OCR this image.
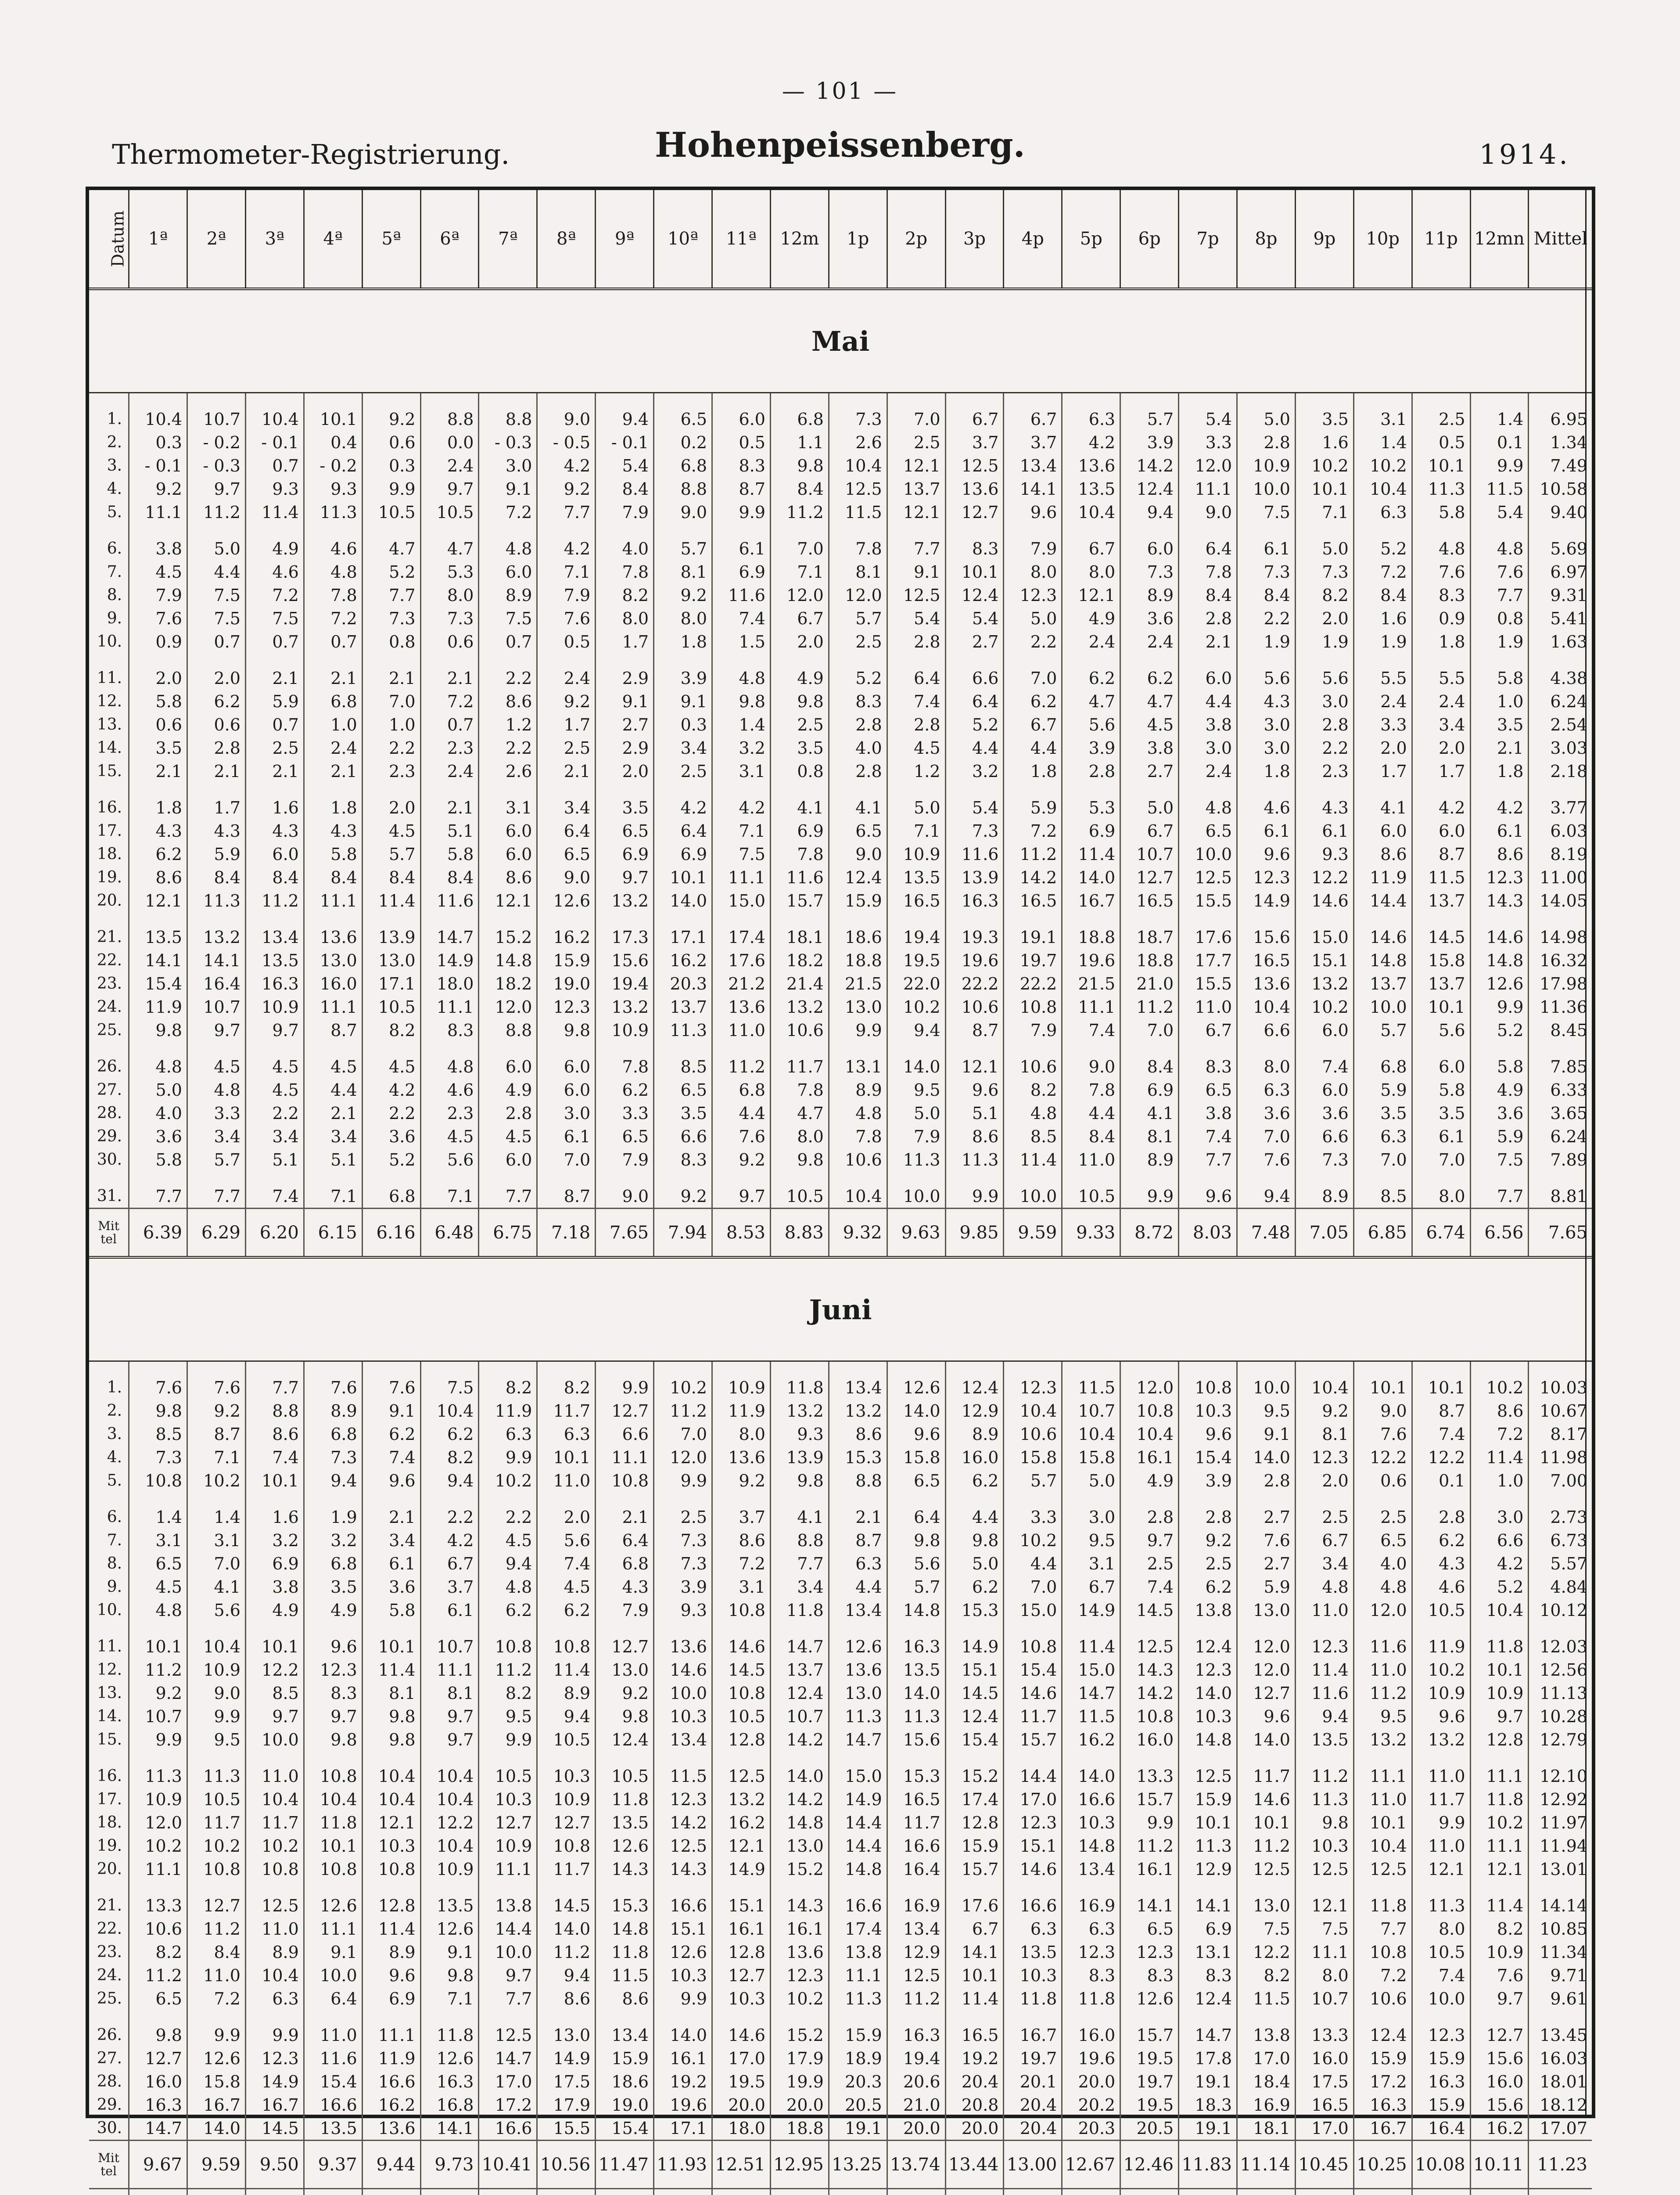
— 101 —
Thermometer-Registrierung.	Hohenpeissenberg.	1914.
Datum	1ª	2ª	3ª	4ª	5ª	6ª	7ª	8ª	9ª	10ª	11ª	12m	1p	2p	3p	4p	5p	6p	7p	8p	9p	10p	11p	12mn	Mittel
Mai																									

1.	10.4	10.7	10.4	10.1	9.2	8.8	8.8	9.0	9.4	6.5	6.0	6.8	7.3	7.0	6.7	6.7	6.3	5.7	5.4	5.0	3.5	3.1	2.5	1.4	6.95
2.	0.3	- 0.2	- 0.1	0.4	0.6	0.0	- 0.3	- 0.5	- 0.1	0.2	0.5	1.1	2.6	2.5	3.7	3.7	4.2	3.9	3.3	2.8	1.6	1.4	0.5	0.1	1.34
3.	- 0.1	- 0.3	0.7	- 0.2	0.3	2.4	3.0	4.2	5.4	6.8	8.3	9.8	10.4	12.1	12.5	13.4	13.6	14.2	12.0	10.9	10.2	10.2	10.1	9.9	7.49
4.	9.2	9.7	9.3	9.3	9.9	9.7	9.1	9.2	8.4	8.8	8.7	8.4	12.5	13.7	13.6	14.1	13.5	12.4	11.1	10.0	10.1	10.4	11.3	11.5	10.58
5.	11.1	11.2	11.4	11.3	10.5	10.5	7.2	7.7	7.9	9.0	9.9	11.2	11.5	12.1	12.7	9.6	10.4	9.4	9.0	7.5	7.1	6.3	5.8	5.4	9.40

6.	3.8	5.0	4.9	4.6	4.7	4.7	4.8	4.2	4.0	5.7	6.1	7.0	7.8	7.7	8.3	7.9	6.7	6.0	6.4	6.1	5.0	5.2	4.8	4.8	5.69
7.	4.5	4.4	4.6	4.8	5.2	5.3	6.0	7.1	7.8	8.1	6.9	7.1	8.1	9.1	10.1	8.0	8.0	7.3	7.8	7.3	7.3	7.2	7.6	7.6	6.97
8.	7.9	7.5	7.2	7.8	7.7	8.0	8.9	7.9	8.2	9.2	11.6	12.0	12.0	12.5	12.4	12.3	12.1	8.9	8.4	8.4	8.2	8.4	8.3	7.7	9.31
9.	7.6	7.5	7.5	7.2	7.3	7.3	7.5	7.6	8.0	8.0	7.4	6.7	5.7	5.4	5.4	5.0	4.9	3.6	2.8	2.2	2.0	1.6	0.9	0.8	5.41
10.	0.9	0.7	0.7	0.7	0.8	0.6	0.7	0.5	1.7	1.8	1.5	2.0	2.5	2.8	2.7	2.2	2.4	2.4	2.1	1.9	1.9	1.9	1.8	1.9	1.63

11.	2.0	2.0	2.1	2.1	2.1	2.1	2.2	2.4	2.9	3.9	4.8	4.9	5.2	6.4	6.6	7.0	6.2	6.2	6.0	5.6	5.6	5.5	5.5	5.8	4.38
12.	5.8	6.2	5.9	6.8	7.0	7.2	8.6	9.2	9.1	9.1	9.8	9.8	8.3	7.4	6.4	6.2	4.7	4.7	4.4	4.3	3.0	2.4	2.4	1.0	6.24
13.	0.6	0.6	0.7	1.0	1.0	0.7	1.2	1.7	2.7	0.3	1.4	2.5	2.8	2.8	5.2	6.7	5.6	4.5	3.8	3.0	2.8	3.3	3.4	3.5	2.54
14.	3.5	2.8	2.5	2.4	2.2	2.3	2.2	2.5	2.9	3.4	3.2	3.5	4.0	4.5	4.4	4.4	3.9	3.8	3.0	3.0	2.2	2.0	2.0	2.1	3.03
15.	2.1	2.1	2.1	2.1	2.3	2.4	2.6	2.1	2.0	2.5	3.1	0.8	2.8	1.2	3.2	1.8	2.8	2.7	2.4	1.8	2.3	1.7	1.7	1.8	2.18

16.	1.8	1.7	1.6	1.8	2.0	2.1	3.1	3.4	3.5	4.2	4.2	4.1	4.1	5.0	5.4	5.9	5.3	5.0	4.8	4.6	4.3	4.1	4.2	4.2	3.77
17.	4.3	4.3	4.3	4.3	4.5	5.1	6.0	6.4	6.5	6.4	7.1	6.9	6.5	7.1	7.3	7.2	6.9	6.7	6.5	6.1	6.1	6.0	6.0	6.1	6.03
18.	6.2	5.9	6.0	5.8	5.7	5.8	6.0	6.5	6.9	6.9	7.5	7.8	9.0	10.9	11.6	11.2	11.4	10.7	10.0	9.6	9.3	8.6	8.7	8.6	8.19
19.	8.6	8.4	8.4	8.4	8.4	8.4	8.6	9.0	9.7	10.1	11.1	11.6	12.4	13.5	13.9	14.2	14.0	12.7	12.5	12.3	12.2	11.9	11.5	12.3	11.00
20.	12.1	11.3	11.2	11.1	11.4	11.6	12.1	12.6	13.2	14.0	15.0	15.7	15.9	16.5	16.3	16.5	16.7	16.5	15.5	14.9	14.6	14.4	13.7	14.3	14.05

21.	13.5	13.2	13.4	13.6	13.9	14.7	15.2	16.2	17.3	17.1	17.4	18.1	18.6	19.4	19.3	19.1	18.8	18.7	17.6	15.6	15.0	14.6	14.5	14.6	14.98
22.	14.1	14.1	13.5	13.0	13.0	14.9	14.8	15.9	15.6	16.2	17.6	18.2	18.8	19.5	19.6	19.7	19.6	18.8	17.7	16.5	15.1	14.8	15.8	14.8	16.32
23.	15.4	16.4	16.3	16.0	17.1	18.0	18.2	19.0	19.4	20.3	21.2	21.4	21.5	22.0	22.2	22.2	21.5	21.0	15.5	13.6	13.2	13.7	13.7	12.6	17.98
24.	11.9	10.7	10.9	11.1	10.5	11.1	12.0	12.3	13.2	13.7	13.6	13.2	13.0	10.2	10.6	10.8	11.1	11.2	11.0	10.4	10.2	10.0	10.1	9.9	11.36
25.	9.8	9.7	9.7	8.7	8.2	8.3	8.8	9.8	10.9	11.3	11.0	10.6	9.9	9.4	8.7	7.9	7.4	7.0	6.7	6.6	6.0	5.7	5.6	5.2	8.45

26.	4.8	4.5	4.5	4.5	4.5	4.8	6.0	6.0	7.8	8.5	11.2	11.7	13.1	14.0	12.1	10.6	9.0	8.4	8.3	8.0	7.4	6.8	6.0	5.8	7.85
27.	5.0	4.8	4.5	4.4	4.2	4.6	4.9	6.0	6.2	6.5	6.8	7.8	8.9	9.5	9.6	8.2	7.8	6.9	6.5	6.3	6.0	5.9	5.8	4.9	6.33
28.	4.0	3.3	2.2	2.1	2.2	2.3	2.8	3.0	3.3	3.5	4.4	4.7	4.8	5.0	5.1	4.8	4.4	4.1	3.8	3.6	3.6	3.5	3.5	3.6	3.65
29.	3.6	3.4	3.4	3.4	3.6	4.5	4.5	6.1	6.5	6.6	7.6	8.0	7.8	7.9	8.6	8.5	8.4	8.1	7.4	7.0	6.6	6.3	6.1	5.9	6.24
30.	5.8	5.7	5.1	5.1	5.2	5.6	6.0	7.0	7.9	8.3	9.2	9.8	10.6	11.3	11.3	11.4	11.0	8.9	7.7	7.6	7.3	7.0	7.0	7.5	7.89

31.	7.7	7.7	7.4	7.1	6.8	7.1	7.7	8.7	9.0	9.2	9.7	10.5	10.4	10.0	9.9	10.0	10.5	9.9	9.6	9.4	8.9	8.5	8.0	7.7	8.81
Mittel	6.39	6.29	6.20	6.15	6.16	6.48	6.75	7.18	7.65	7.94	8.53	8.83	9.32	9.63	9.85	9.59	9.33	8.72	8.03	7.48	7.05	6.85	6.74	6.56	7.65
Juni																									

1.	7.6	7.6	7.7	7.6	7.6	7.5	8.2	8.2	9.9	10.2	10.9	11.8	13.4	12.6	12.4	12.3	11.5	12.0	10.8	10.0	10.4	10.1	10.1	10.2	10.03
2.	9.8	9.2	8.8	8.9	9.1	10.4	11.9	11.7	12.7	11.2	11.9	13.2	13.2	14.0	12.9	10.4	10.7	10.8	10.3	9.5	9.2	9.0	8.7	8.6	10.67
3.	8.5	8.7	8.6	6.8	6.2	6.2	6.3	6.3	6.6	7.0	8.0	9.3	8.6	9.6	8.9	10.6	10.4	10.4	9.6	9.1	8.1	7.6	7.4	7.2	8.17
4.	7.3	7.1	7.4	7.3	7.4	8.2	9.9	10.1	11.1	12.0	13.6	13.9	15.3	15.8	16.0	15.8	15.8	16.1	15.4	14.0	12.3	12.2	12.2	11.4	11.98
5.	10.8	10.2	10.1	9.4	9.6	9.4	10.2	11.0	10.8	9.9	9.2	9.8	8.8	6.5	6.2	5.7	5.0	4.9	3.9	2.8	2.0	0.6	0.1	1.0	7.00

6.	1.4	1.4	1.6	1.9	2.1	2.2	2.2	2.0	2.1	2.5	3.7	4.1	2.1	6.4	4.4	3.3	3.0	2.8	2.8	2.7	2.5	2.5	2.8	3.0	2.73
7.	3.1	3.1	3.2	3.2	3.4	4.2	4.5	5.6	6.4	7.3	8.6	8.8	8.7	9.8	9.8	10.2	9.5	9.7	9.2	7.6	6.7	6.5	6.2	6.6	6.73
8.	6.5	7.0	6.9	6.8	6.1	6.7	9.4	7.4	6.8	7.3	7.2	7.7	6.3	5.6	5.0	4.4	3.1	2.5	2.5	2.7	3.4	4.0	4.3	4.2	5.57
9.	4.5	4.1	3.8	3.5	3.6	3.7	4.8	4.5	4.3	3.9	3.1	3.4	4.4	5.7	6.2	7.0	6.7	7.4	6.2	5.9	4.8	4.8	4.6	5.2	4.84
10.	4.8	5.6	4.9	4.9	5.8	6.1	6.2	6.2	7.9	9.3	10.8	11.8	13.4	14.8	15.3	15.0	14.9	14.5	13.8	13.0	11.0	12.0	10.5	10.4	10.12

11.	10.1	10.4	10.1	9.6	10.1	10.7	10.8	10.8	12.7	13.6	14.6	14.7	12.6	16.3	14.9	10.8	11.4	12.5	12.4	12.0	12.3	11.6	11.9	11.8	12.03
12.	11.2	10.9	12.2	12.3	11.4	11.1	11.2	11.4	13.0	14.6	14.5	13.7	13.6	13.5	15.1	15.4	15.0	14.3	12.3	12.0	11.4	11.0	10.2	10.1	12.56
13.	9.2	9.0	8.5	8.3	8.1	8.1	8.2	8.9	9.2	10.0	10.8	12.4	13.0	14.0	14.5	14.6	14.7	14.2	14.0	12.7	11.6	11.2	10.9	10.9	11.13
14.	10.7	9.9	9.7	9.7	9.8	9.7	9.5	9.4	9.8	10.3	10.5	10.7	11.3	11.3	12.4	11.7	11.5	10.8	10.3	9.6	9.4	9.5	9.6	9.7	10.28
15.	9.9	9.5	10.0	9.8	9.8	9.7	9.9	10.5	12.4	13.4	12.8	14.2	14.7	15.6	15.4	15.7	16.2	16.0	14.8	14.0	13.5	13.2	13.2	12.8	12.79

16.	11.3	11.3	11.0	10.8	10.4	10.4	10.5	10.3	10.5	11.5	12.5	14.0	15.0	15.3	15.2	14.4	14.0	13.3	12.5	11.7	11.2	11.1	11.0	11.1	12.10
17.	10.9	10.5	10.4	10.4	10.4	10.4	10.3	10.9	11.8	12.3	13.2	14.2	14.9	16.5	17.4	17.0	16.6	15.7	15.9	14.6	11.3	11.0	11.7	11.8	12.92
18.	12.0	11.7	11.7	11.8	12.1	12.2	12.7	12.7	13.5	14.2	16.2	14.8	14.4	11.7	12.8	12.3	10.3	9.9	10.1	10.1	9.8	10.1	9.9	10.2	11.97
19.	10.2	10.2	10.2	10.1	10.3	10.4	10.9	10.8	12.6	12.5	12.1	13.0	14.4	16.6	15.9	15.1	14.8	11.2	11.3	11.2	10.3	10.4	11.0	11.1	11.94
20.	11.1	10.8	10.8	10.8	10.8	10.9	11.1	11.7	14.3	14.3	14.9	15.2	14.8	16.4	15.7	14.6	13.4	16.1	12.9	12.5	12.5	12.5	12.1	12.1	13.01

21.	13.3	12.7	12.5	12.6	12.8	13.5	13.8	14.5	15.3	16.6	15.1	14.3	16.6	16.9	17.6	16.6	16.9	14.1	14.1	13.0	12.1	11.8	11.3	11.4	14.14
22.	10.6	11.2	11.0	11.1	11.4	12.6	14.4	14.0	14.8	15.1	16.1	16.1	17.4	13.4	6.7	6.3	6.3	6.5	6.9	7.5	7.5	7.7	8.0	8.2	10.85
23.	8.2	8.4	8.9	9.1	8.9	9.1	10.0	11.2	11.8	12.6	12.8	13.6	13.8	12.9	14.1	13.5	12.3	12.3	13.1	12.2	11.1	10.8	10.5	10.9	11.34
24.	11.2	11.0	10.4	10.0	9.6	9.8	9.7	9.4	11.5	10.3	12.7	12.3	11.1	12.5	10.1	10.3	8.3	8.3	8.3	8.2	8.0	7.2	7.4	7.6	9.71
25.	6.5	7.2	6.3	6.4	6.9	7.1	7.7	8.6	8.6	9.9	10.3	10.2	11.3	11.2	11.4	11.8	11.8	12.6	12.4	11.5	10.7	10.6	10.0	9.7	9.61

26.	9.8	9.9	9.9	11.0	11.1	11.8	12.5	13.0	13.4	14.0	14.6	15.2	15.9	16.3	16.5	16.7	16.0	15.7	14.7	13.8	13.3	12.4	12.3	12.7	13.45
27.	12.7	12.6	12.3	11.6	11.9	12.6	14.7	14.9	15.9	16.1	17.0	17.9	18.9	19.4	19.2	19.7	19.6	19.5	17.8	17.0	16.0	15.9	15.9	15.6	16.03
28.	16.0	15.8	14.9	15.4	16.6	16.3	17.0	17.5	18.6	19.2	19.5	19.9	20.3	20.6	20.4	20.1	20.0	19.7	19.1	18.4	17.5	17.2	16.3	16.0	18.01
29.	16.3	16.7	16.7	16.6	16.2	16.8	17.2	17.9	19.0	19.6	20.0	20.0	20.5	21.0	20.8	20.4	20.2	19.5	18.3	16.9	16.5	16.3	15.9	15.6	18.12
30.	14.7	14.0	14.5	13.5	13.6	14.1	16.6	15.5	15.4	17.1	18.0	18.8	19.1	20.0	20.0	20.4	20.3	20.5	19.1	18.1	17.0	16.7	16.4	16.2	17.07
Mittel	9.67	9.59	9.50	9.37	9.44	9.73	10.41	10.56	11.47	11.93	12.51	12.95	13.25	13.74	13.44	13.00	12.67	12.46	11.83	11.14	10.45	10.25	10.08	10.11	11.23
